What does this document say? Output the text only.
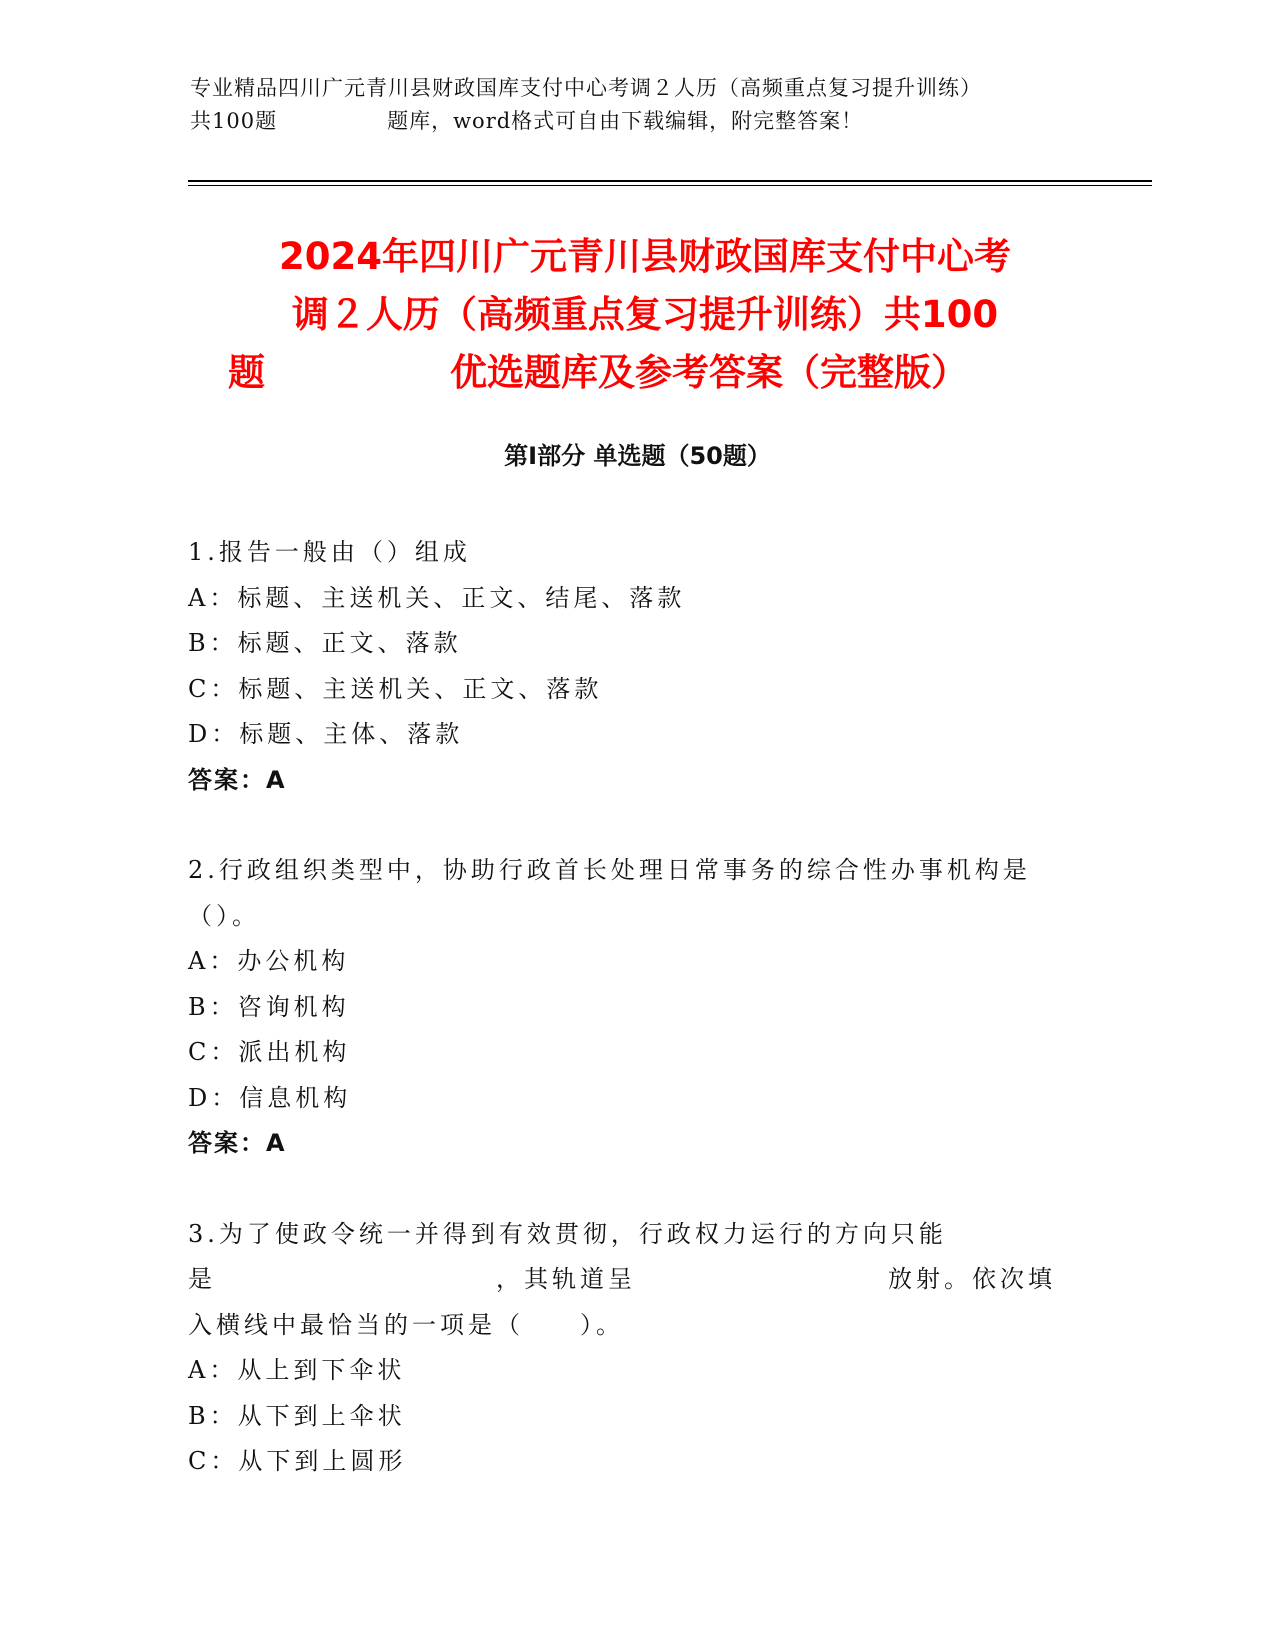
专业精品四川广元青川县财政国库支付中心考调２人历（高频重点复习提升训练）
共100题　　　　　题库，word格式可自由下载编辑，附完整答案！
2024年四川广元青川县财政国库支付中心考
调２人历（高频重点复习提升训练）共100
题　　　　　优选题库及参考答案（完整版）
第Ⅰ部分 单选题（50题）
1.报告一般由（）组成
A：标题、主送机关、正文、结尾、落款
B：标题、正文、落款
C：标题、主送机关、正文、落款
D：标题、主体、落款
答案：A
2.行政组织类型中，协助行政首长处理日常事务的综合性办事机构是（）。
A：办公机构
B：咨询机构
C：派出机构
D：信息机构
答案：A
3.为了使政令统一并得到有效贯彻，行政权力运行的方向只能是　　　　　　　　　　，其轨道呈　　　　　　　　　放射。依次填入横线中最恰当的一项是（　　）。
A：从上到下伞状
B：从下到上伞状
C：从下到上圆形
